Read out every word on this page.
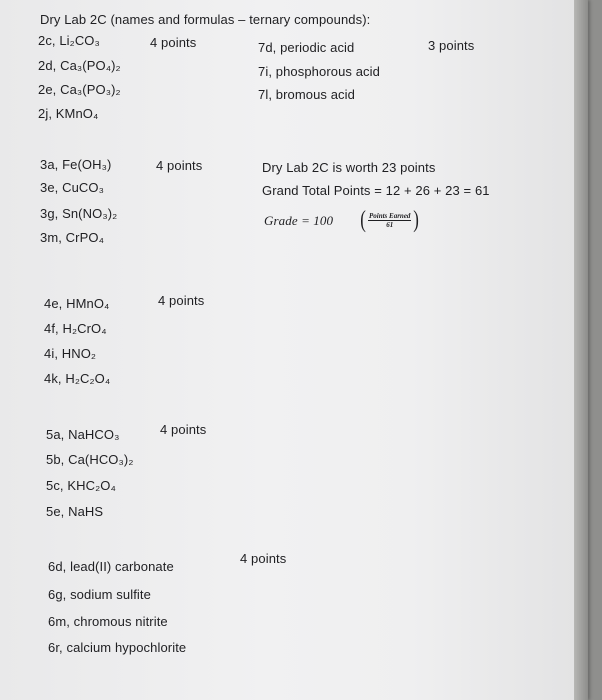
Dry Lab 2C (names and formulas – ternary compounds):
2c, Li₂CO₃	4 points
2d, Ca₃(PO₄)₂
2e, Ca₃(PO₃)₂
2j, KMnO₄
7d, periodic acid	3 points
7i, phosphorous acid
7l, bromous acid
3a, Fe(OH₃)	4 points
3e, CuCO₃
3g, Sn(NO₃)₂
3m, CrPO₄
Dry Lab 2C is worth 23 points
Grand Total Points = 12 + 26 + 23 = 61
Grade = 100 ( $\frac{\text{Points Earned}}{61}$ )
4e, HMnO₄	4 points
4f, H₂CrO₄
4i, HNO₂
4k, H₂C₂O₄
5a, NaHCO₃	4 points
5b, Ca(HCO₃)₂
5c, KHC₂O₄
5e, NaHS
6d, lead(II) carbonate
4 points
6g, sodium sulfite
6m, chromous nitrite
6r, calcium hypochlorite
